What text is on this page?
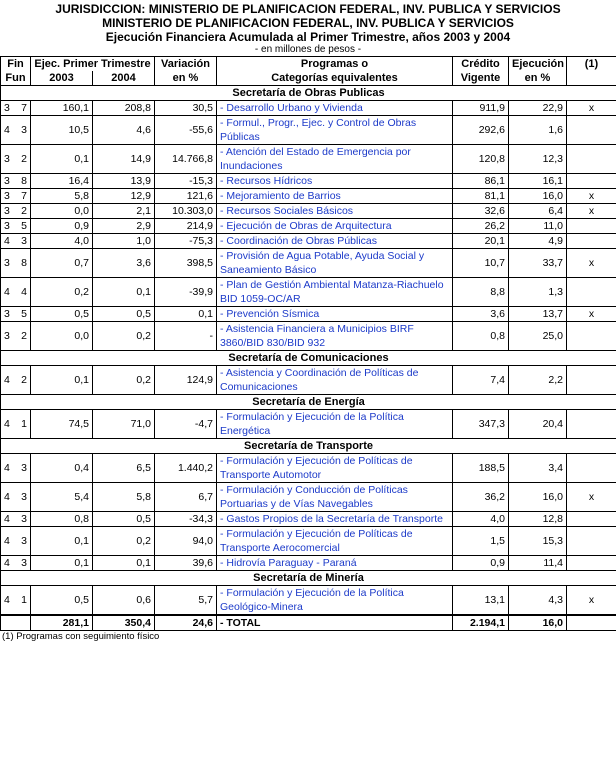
JURISDICCION: MINISTERIO DE PLANIFICACION FEDERAL, INV. PUBLICA Y SERVICIOS
MINISTERIO DE PLANIFICACION FEDERAL, INV. PUBLICA Y SERVICIOS
Ejecución Financiera Acumulada al Primer Trimestre, años 2003 y 2004
- en millones de pesos -
Fin	Ejec. Primer Trimestre		Variación	Programas o	Crédito	Ejecución	(1)
Fun	2003	2004	en %	Categorías equivalentes	Vigente	en %	
Secretaría de Obras Publicas							

3 7	160,1	208,8	30,5	- Desarrollo Urbano y Vivienda	911,9	22,9	x

4 3	10,5	4,6	-55,6	- Formul., Progr., Ejec. y Control de Obras Públicas	292,6	1,6	

3 2	0,1	14,9	14.766,8	- Atención del Estado de Emergencia por Inundaciones	120,8	12,3	

3 8	16,4	13,9	-15,3	- Recursos Hídricos	86,1	16,1	

3 7	5,8	12,9	121,6	- Mejoramiento de Barrios	81,1	16,0	x

3 2	0,0	2,1	10.303,0	- Recursos Sociales Básicos	32,6	6,4	x

3 5	0,9	2,9	214,9	- Ejecución de Obras de Arquitectura	26,2	11,0	

4 3	4,0	1,0	-75,3	- Coordinación de Obras Públicas	20,1	4,9	

3 8	0,7	3,6	398,5	- Provisión de Agua Potable, Ayuda Social y Saneamiento Básico	10,7	33,7	x

4 4	0,2	0,1	-39,9	- Plan de Gestión Ambiental Matanza-Riachuelo BID 1059-OC/AR	8,8	1,3	

3 5	0,5	0,5	0,1	- Prevención Sísmica	3,6	13,7	x

3 2	0,0	0,2	-	- Asistencia Financiera a Municipios BIRF 3860/BID 830/BID 932	0,8	25,0	
Secretaría de Comunicaciones							

4 2	0,1	0,2	124,9	- Asistencia y Coordinación de Políticas de Comunicaciones	7,4	2,2	
Secretaría de Energía							

4 1	74,5	71,0	-4,7	- Formulación y Ejecución de la Política Energética	347,3	20,4	
Secretaría de Transporte							

4 3	0,4	6,5	1.440,2	- Formulación y Ejecución de Políticas de Transporte Automotor	188,5	3,4	

4 3	5,4	5,8	6,7	- Formulación y Conducción de Políticas Portuarias y de Vías Navegables	36,2	16,0	x

4 3	0,8	0,5	-34,3	- Gastos Propios de la Secretaría de Transporte	4,0	12,8	

4 3	0,1	0,2	94,0	- Formulación y Ejecución de Políticas de Transporte Aerocomercial	1,5	15,3	

4 3	0,1	0,1	39,6	- Hidrovía Paraguay - Paraná	0,9	11,4	
Secretaría de Minería							

4 1	0,5	0,6	5,7	- Formulación y Ejecución de la Política Geológico-Minera	13,1	4,3	x
	281,1	350,4	24,6	- TOTAL	2.194,1	16,0	
(1) Programas con seguimiento físico
